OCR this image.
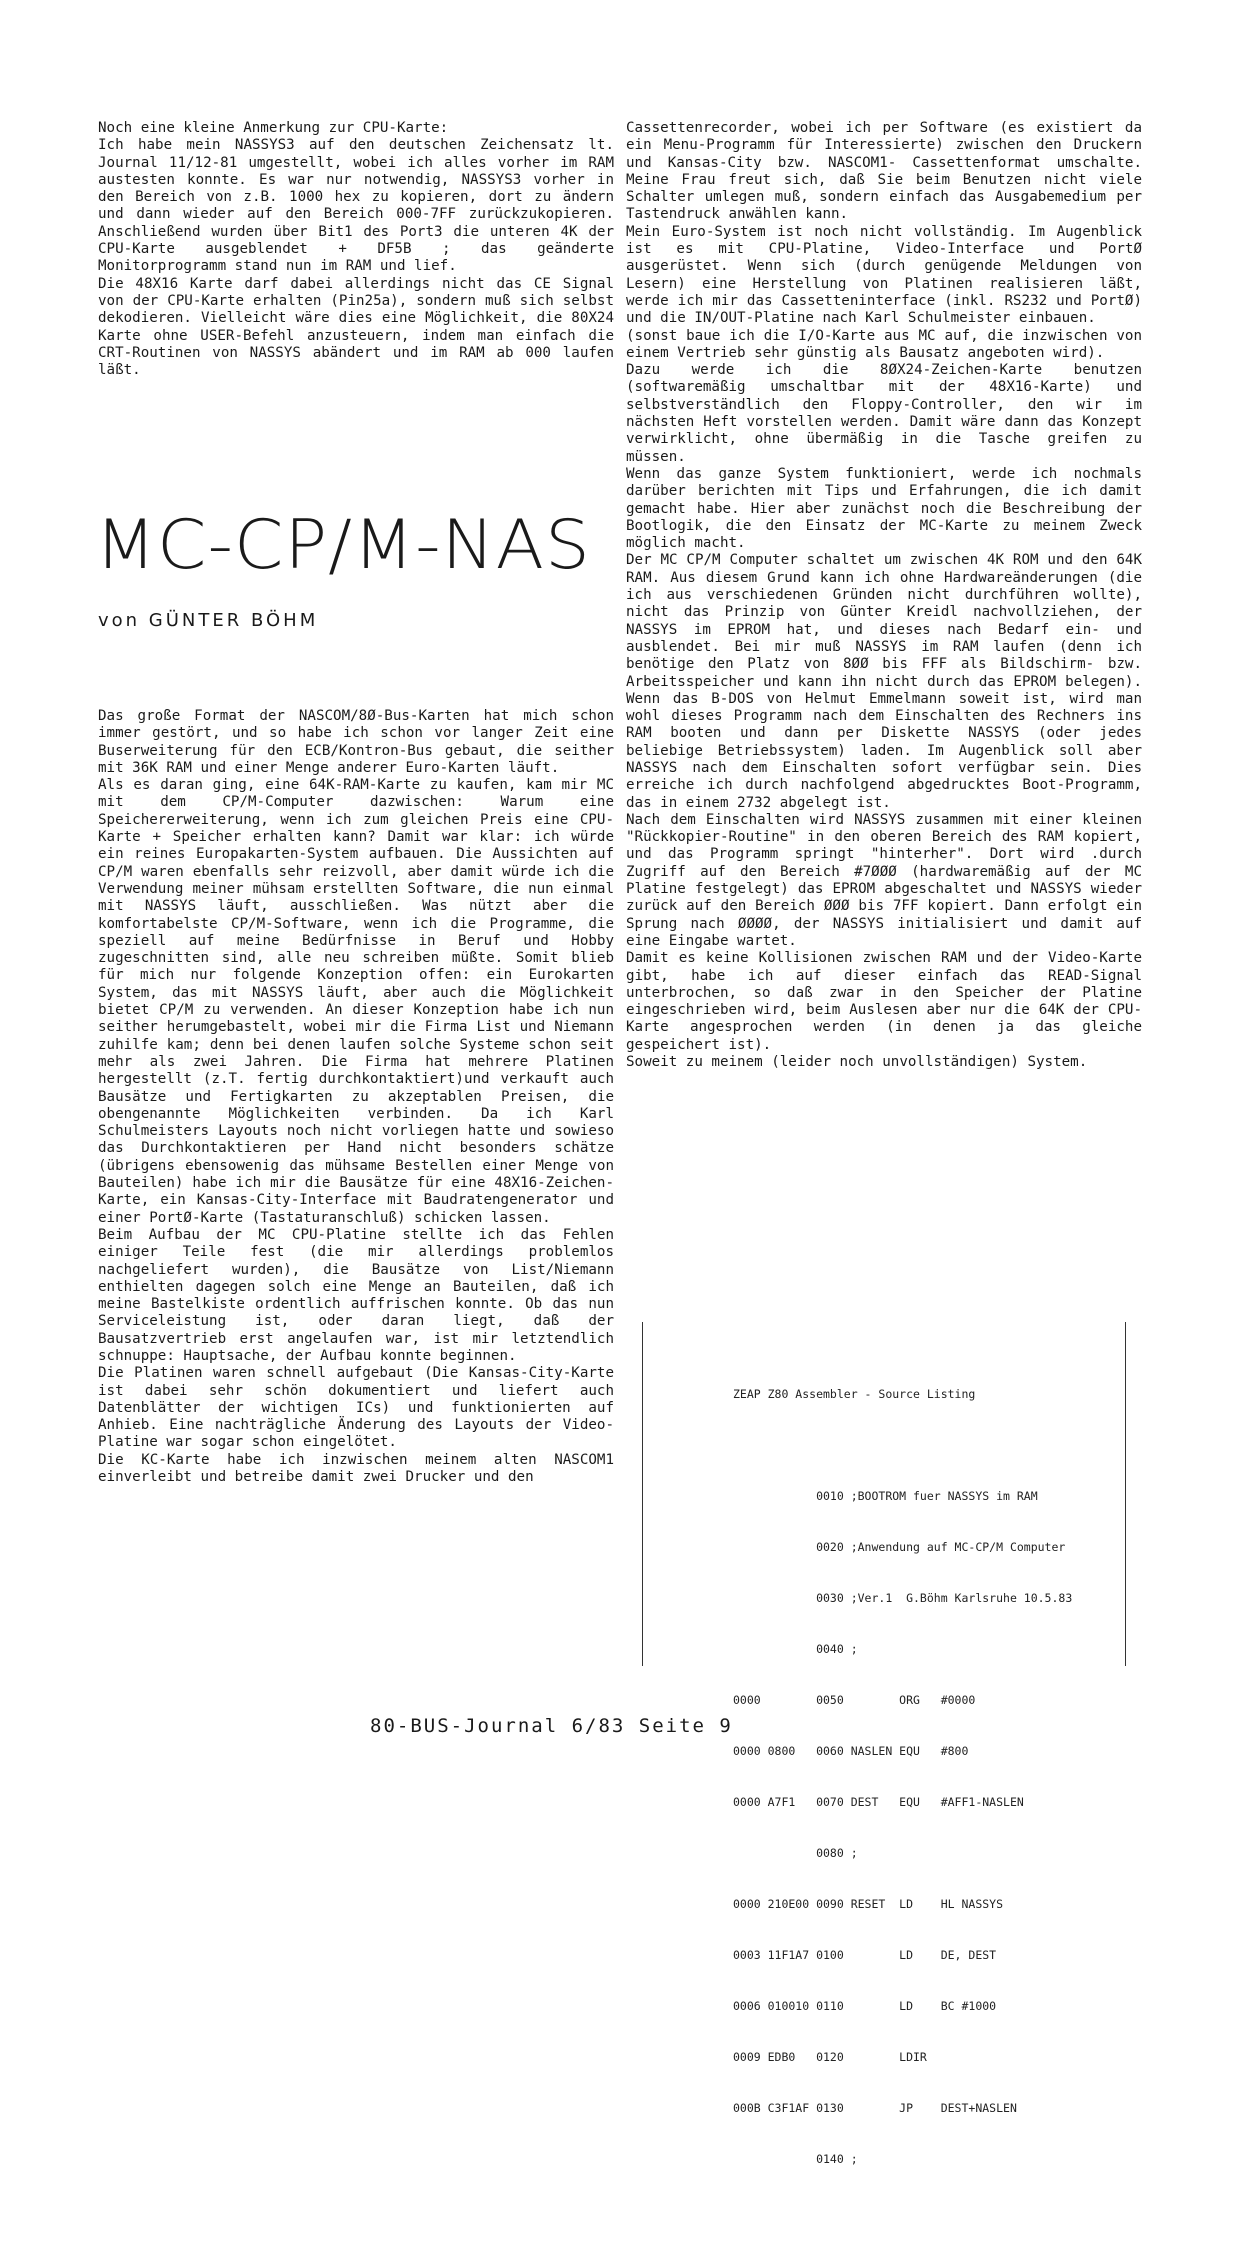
Noch eine kleine Anmerkung zur CPU-Karte:

Ich habe mein NASSYS3 auf den deutschen Zeichensatz lt. Journal 11/12-81 umgestellt, wobei ich alles vorher im RAM austesten konnte. Es war nur notwendig, NASSYS3 vorher in den Bereich von z.B. 1000 hex zu kopieren, dort zu ändern und dann wieder auf den Bereich 000-7FF zurückzukopieren. Anschließend wurden über Bit1 des Port3 die unteren 4K der CPU-Karte ausgeblendet + DF5B ; das geänderte Monitorprogramm stand nun im RAM und lief.

Die 48X16 Karte darf dabei allerdings nicht das CE Signal von der CPU-Karte erhalten (Pin25a), sondern muß sich selbst dekodieren. Vielleicht wäre dies eine Möglichkeit, die 80X24 Karte ohne USER-Befehl anzusteuern, indem man einfach die CRT-Routinen von NASSYS abändert und im RAM ab 000 laufen läßt.

MC-CP/M-NAS
von GÜNTER BÖHM

Das große Format der NASCOM/8Ø-Bus-Karten hat mich schon immer gestört, und so habe ich schon vor langer Zeit eine Buserweiterung für den ECB/Kontron-Bus gebaut, die seither mit 36K RAM und einer Menge anderer Euro-Karten läuft.

Als es daran ging, eine 64K-RAM-Karte zu kaufen, kam mir MC mit dem CP/M-Computer dazwischen: Warum eine Speichererweiterung, wenn ich zum gleichen Preis eine CPU-Karte + Speicher erhalten kann? Damit war klar: ich würde ein reines Europakarten-System aufbauen. Die Aussichten auf CP/M waren ebenfalls sehr reizvoll, aber damit würde ich die Verwendung meiner mühsam erstellten Software, die nun einmal mit NASSYS läuft, ausschließen. Was nützt aber die komfortabelste CP/M-Software, wenn ich die Programme, die speziell auf meine Bedürfnisse in Beruf und Hobby zugeschnitten sind, alle neu schreiben müßte. Somit blieb für mich nur folgende Konzeption offen: ein Eurokarten System, das mit NASSYS läuft, aber auch die Möglichkeit bietet CP/M zu verwenden. An dieser Konzeption habe ich nun seither herumgebastelt, wobei mir die Firma List und Niemann zuhilfe kam; denn bei denen laufen solche Systeme schon seit mehr als zwei Jahren. Die Firma hat mehrere Platinen hergestellt (z.T. fertig durchkontaktiert)und verkauft auch Bausätze und Fertigkarten zu akzeptablen Preisen, die obengenannte Möglichkeiten verbinden. Da ich Karl Schulmeisters Layouts noch nicht vorliegen hatte und sowieso das Durchkontaktieren per Hand nicht besonders schätze (übrigens ebensowenig das mühsame Bestellen einer Menge von Bauteilen) habe ich mir die Bausätze für eine 48X16-Zeichen-Karte, ein Kansas-City-Interface mit Baudratengenerator und einer PortØ-Karte (Tastaturanschluß) schicken lassen.

Beim Aufbau der MC CPU-Platine stellte ich das Fehlen einiger Teile fest (die mir allerdings problemlos nachgeliefert wurden), die Bausätze von List/Niemann enthielten dagegen solch eine Menge an Bauteilen, daß ich meine Bastelkiste ordentlich auffrischen konnte. Ob das nun Serviceleistung ist, oder daran liegt, daß der Bausatzvertrieb erst angelaufen war, ist mir letztendlich schnuppe: Hauptsache, der Aufbau konnte beginnen.

Die Platinen waren schnell aufgebaut (Die Kansas-City-Karte ist dabei sehr schön dokumentiert und liefert auch Datenblätter der wichtigen ICs) und funktionierten auf Anhieb. Eine nachträgliche Änderung des Layouts der Video-Platine war sogar schon eingelötet.

Die KC-Karte habe ich inzwischen meinem alten NASCOM1 einverleibt und betreibe damit zwei Drucker und den

Cassettenrecorder, wobei ich per Software (es existiert da ein Menu-Programm für Interessierte) zwischen den Druckern und Kansas-City bzw. NASCOM1- Cassettenformat umschalte. Meine Frau freut sich, daß Sie beim Benutzen nicht viele Schalter umlegen muß, sondern einfach das Ausgabemedium per Tastendruck anwählen kann.

Mein Euro-System ist noch nicht vollständig. Im Augenblick ist es mit CPU-Platine, Video-Interface und PortØ ausgerüstet. Wenn sich (durch genügende Meldungen von Lesern) eine Herstellung von Platinen realisieren läßt, werde ich mir das Cassetteninterface (inkl. RS232 und PortØ) und die IN/OUT-Platine nach Karl Schulmeister einbauen.

(sonst baue ich die I/O-Karte aus MC auf, die inzwischen von einem Vertrieb sehr günstig als Bausatz angeboten wird).

Dazu werde ich die 8ØX24-Zeichen-Karte benutzen (softwaremäßig umschaltbar mit der 48X16-Karte) und selbstverständlich den Floppy-Controller, den wir im nächsten Heft vorstellen werden. Damit wäre dann das Konzept verwirklicht, ohne übermäßig in die Tasche greifen zu müssen.

Wenn das ganze System funktioniert, werde ich nochmals darüber berichten mit Tips und Erfahrungen, die ich damit gemacht habe. Hier aber zunächst noch die Beschreibung der Bootlogik, die den Einsatz der MC-Karte zu meinem Zweck möglich macht.

Der MC CP/M Computer schaltet um zwischen 4K ROM und den 64K RAM. Aus diesem Grund kann ich ohne Hardwareänderungen (die ich aus verschiedenen Gründen nicht durchführen wollte), nicht das Prinzip von Günter Kreidl nachvollziehen, der NASSYS im EPROM hat, und dieses nach Bedarf ein- und ausblendet. Bei mir muß NASSYS im RAM laufen (denn ich benötige den Platz von 8ØØ bis FFF als Bildschirm- bzw. Arbeitsspeicher und kann ihn nicht durch das EPROM belegen). Wenn das B-DOS von Helmut Emmelmann soweit ist, wird man wohl dieses Programm nach dem Einschalten des Rechners ins RAM booten und dann per Diskette NASSYS (oder jedes beliebige Betriebssystem) laden. Im Augenblick soll aber NASSYS nach dem Einschalten sofort verfügbar sein. Dies erreiche ich durch nachfolgend abgedrucktes Boot-Programm, das in einem 2732 abgelegt ist.

Nach dem Einschalten wird NASSYS zusammen mit einer kleinen "Rückkopier-Routine" in den oberen Bereich des RAM kopiert, und das Programm springt "hinterher". Dort wird .durch Zugriff auf den Bereich #7ØØØ (hardwaremäßig auf der MC Platine festgelegt) das EPROM abgeschaltet und NASSYS wieder zurück auf den Bereich ØØØ bis 7FF kopiert. Dann erfolgt ein Sprung nach ØØØØ, der NASSYS initialisiert und damit auf eine Eingabe wartet.

Damit es keine Kollisionen zwischen RAM und der Video-Karte gibt, habe ich auf dieser einfach das READ-Signal unterbrochen, so daß zwar in den Speicher der Platine eingeschrieben wird, beim Auslesen aber nur die 64K der CPU-Karte angesprochen werden (in denen ja das gleiche gespeichert ist).

Soweit zu meinem (leider noch unvollständigen) System.

ZEAP Z80 Assembler - Source Listing

0010 ;BOOTROM fuer NASSYS im RAM

0020 ;Anwendung auf MC-CP/M Computer

0030 ;Ver.1  G.Böhm Karlsruhe 10.5.83

0040 ;

0000        0050        ORG   #0000

0000 0800   0060 NASLEN EQU   #800

0000 A7F1   0070 DEST   EQU   #AFF1-NASLEN

0080 ;

0000 210E00 0090 RESET  LD    HL NASSYS

0003 11F1A7 0100        LD    DE, DEST

0006 010010 0110        LD    BC #1000

0009 EDB0   0120        LDIR

000B C3F1AF 0130        JP    DEST+NASLEN

0140 ;

80-BUS-Journal 6/83 Seite 9
